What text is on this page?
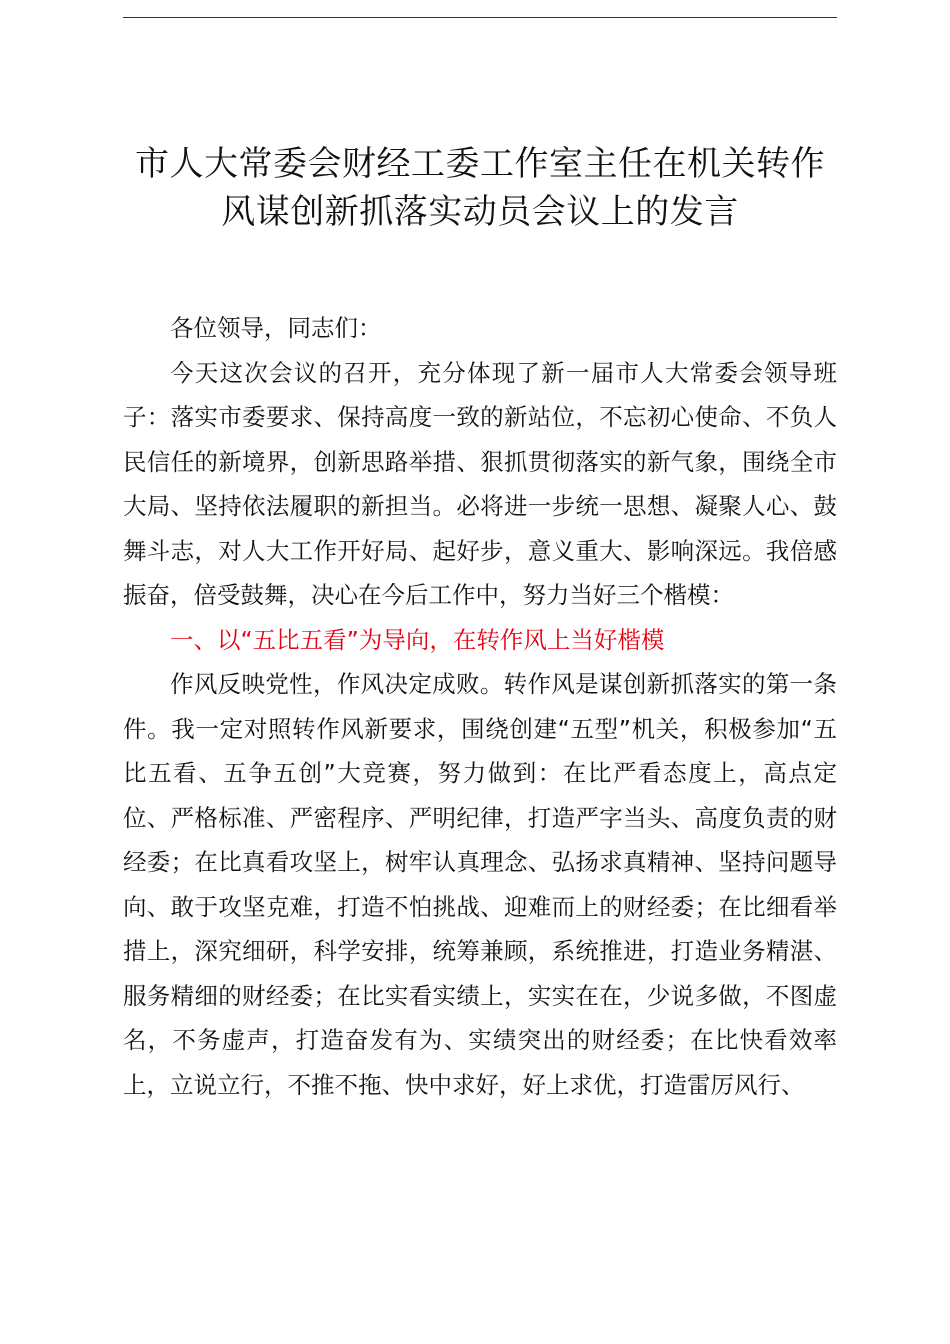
市人大常委会财经工委工作室主任在机关转作
风谋创新抓落实动员会议上的发言

各位领导，同志们：

今天这次会议的召开，充分体现了新一届市人大常委会领导班子：落实市委要求、保持高度一致的新站位，不忘初心使命、不负人民信任的新境界，创新思路举措、狠抓贯彻落实的新气象，围绕全市大局、坚持依法履职的新担当。必将进一步统一思想、凝聚人心、鼓舞斗志，对人大工作开好局、起好步，意义重大、影响深远。我倍感振奋，倍受鼓舞，决心在今后工作中，努力当好三个楷模：

一、以“五比五看”为导向，在转作风上当好楷模

作风反映党性，作风决定成败。转作风是谋创新抓落实的第一条件。我一定对照转作风新要求，围绕创建“五型”机关，积极参加“五比五看、五争五创”大竞赛，努力做到：在比严看态度上，高点定位、严格标准、严密程序、严明纪律，打造严字当头、高度负责的财经委；在比真看攻坚上，树牢认真理念、弘扬求真精神、坚持问题导向、敢于攻坚克难，打造不怕挑战、迎难而上的财经委；在比细看举措上，深究细研，科学安排，统筹兼顾，系统推进，打造业务精湛、服务精细的财经委；在比实看实绩上，实实在在，少说多做，不图虚名，不务虚声，打造奋发有为、实绩突出的财经委；在比快看效率上，立说立行，不推不拖、快中求好，好上求优，打造雷厉风行、
